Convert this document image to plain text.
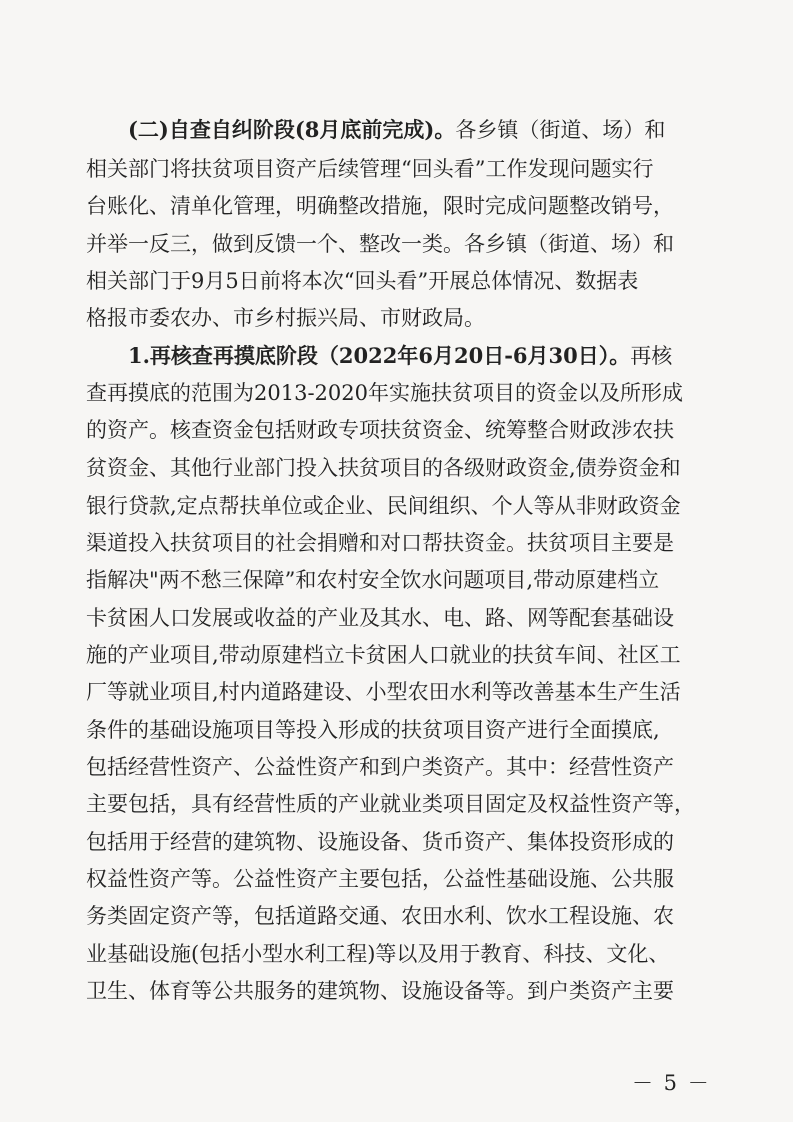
(二)自查自纠阶段(8月底前完成)。各乡镇（街道、场）和
相关部门将扶贫项目资产后续管理“回头看”工作发现问题实行
台账化、清单化管理，明确整改措施，限时完成问题整改销号，
并举一反三，做到反馈一个、整改一类。各乡镇（街道、场）和
相关部门于9月5日前将本次“回头看”开展总体情况、数据表
格报市委农办、市乡村振兴局、市财政局。
1.再核查再摸底阶段（2022年6月20日-6月30日）。再核
查再摸底的范围为2013-2020年实施扶贫项目的资金以及所形成
的资产。核查资金包括财政专项扶贫资金、统筹整合财政涉农扶
贫资金、其他行业部门投入扶贫项目的各级财政资金,债券资金和
银行贷款,定点帮扶单位或企业、民间组织、个人等从非财政资金
渠道投入扶贫项目的社会捐赠和对口帮扶资金。扶贫项目主要是
指解决"两不愁三保障”和农村安全饮水问题项目,带动原建档立
卡贫困人口发展或收益的产业及其水、电、路、网等配套基础设
施的产业项目,带动原建档立卡贫困人口就业的扶贫车间、社区工
厂等就业项目,村内道路建设、小型农田水利等改善基本生产生活
条件的基础设施项目等投入形成的扶贫项目资产进行全面摸底,
包括经营性资产、公益性资产和到户类资产。其中：经营性资产
主要包括，具有经营性质的产业就业类项目固定及权益性资产等，
包括用于经营的建筑物、设施设备、货币资产、集体投资形成的
权益性资产等。公益性资产主要包括，公益性基础设施、公共服
务类固定资产等，包括道路交通、农田水利、饮水工程设施、农
业基础设施(包括小型水利工程)等以及用于教育、科技、文化、
卫生、体育等公共服务的建筑物、设施设备等。到户类资产主要
－ 5 －
